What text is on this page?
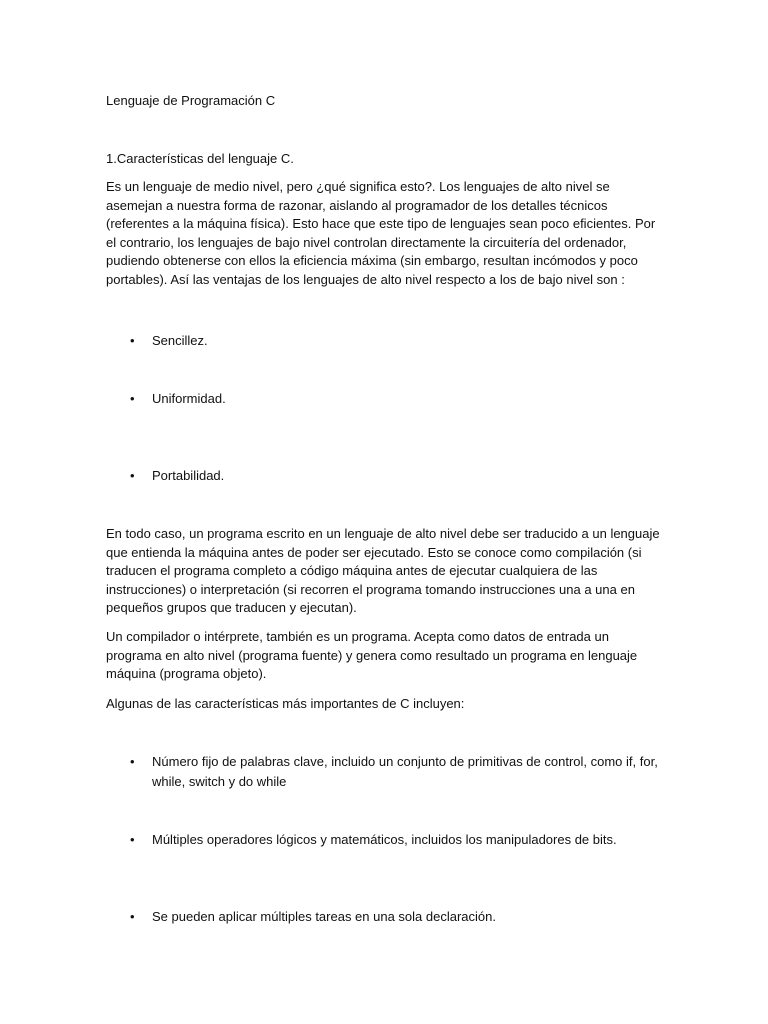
Lenguaje de Programación C

1.Características del lenguaje C.

Es un lenguaje de medio nivel, pero ¿qué significa esto?. Los lenguajes de alto nivel se asemejan a nuestra forma de razonar, aislando al programador de los detalles técnicos (referentes a la máquina física). Esto hace que este tipo de lenguajes sean poco eficientes. Por el contrario, los lenguajes de bajo nivel controlan directamente la circuitería del ordenador, pudiendo obtenerse con ellos la eficiencia máxima (sin embargo, resultan incómodos y poco portables). Así las ventajas de los lenguajes de alto nivel respecto a los de bajo nivel son :

•	Sencillez.
•	Uniformidad.
•	Portabilidad.

En todo caso, un programa escrito en un lenguaje de alto nivel debe ser traducido a un lenguaje que entienda la máquina antes de poder ser ejecutado. Esto se conoce como compilación (si traducen el programa completo a código máquina antes de ejecutar cualquiera de las instrucciones) o interpretación (si recorren el programa tomando instrucciones una a una en pequeños grupos que traducen y ejecutan).

Un compilador o intérprete, también es un programa. Acepta como datos de entrada un programa en alto nivel (programa fuente) y genera como resultado un programa en lenguaje máquina (programa objeto).

Algunas de las características más importantes de C incluyen:

•	Número fijo de palabras clave, incluido un conjunto de primitivas de control, como if, for, while, switch y do while
•	Múltiples operadores lógicos y matemáticos, incluidos los manipuladores de bits.
•	Se pueden aplicar múltiples tareas en una sola declaración.
